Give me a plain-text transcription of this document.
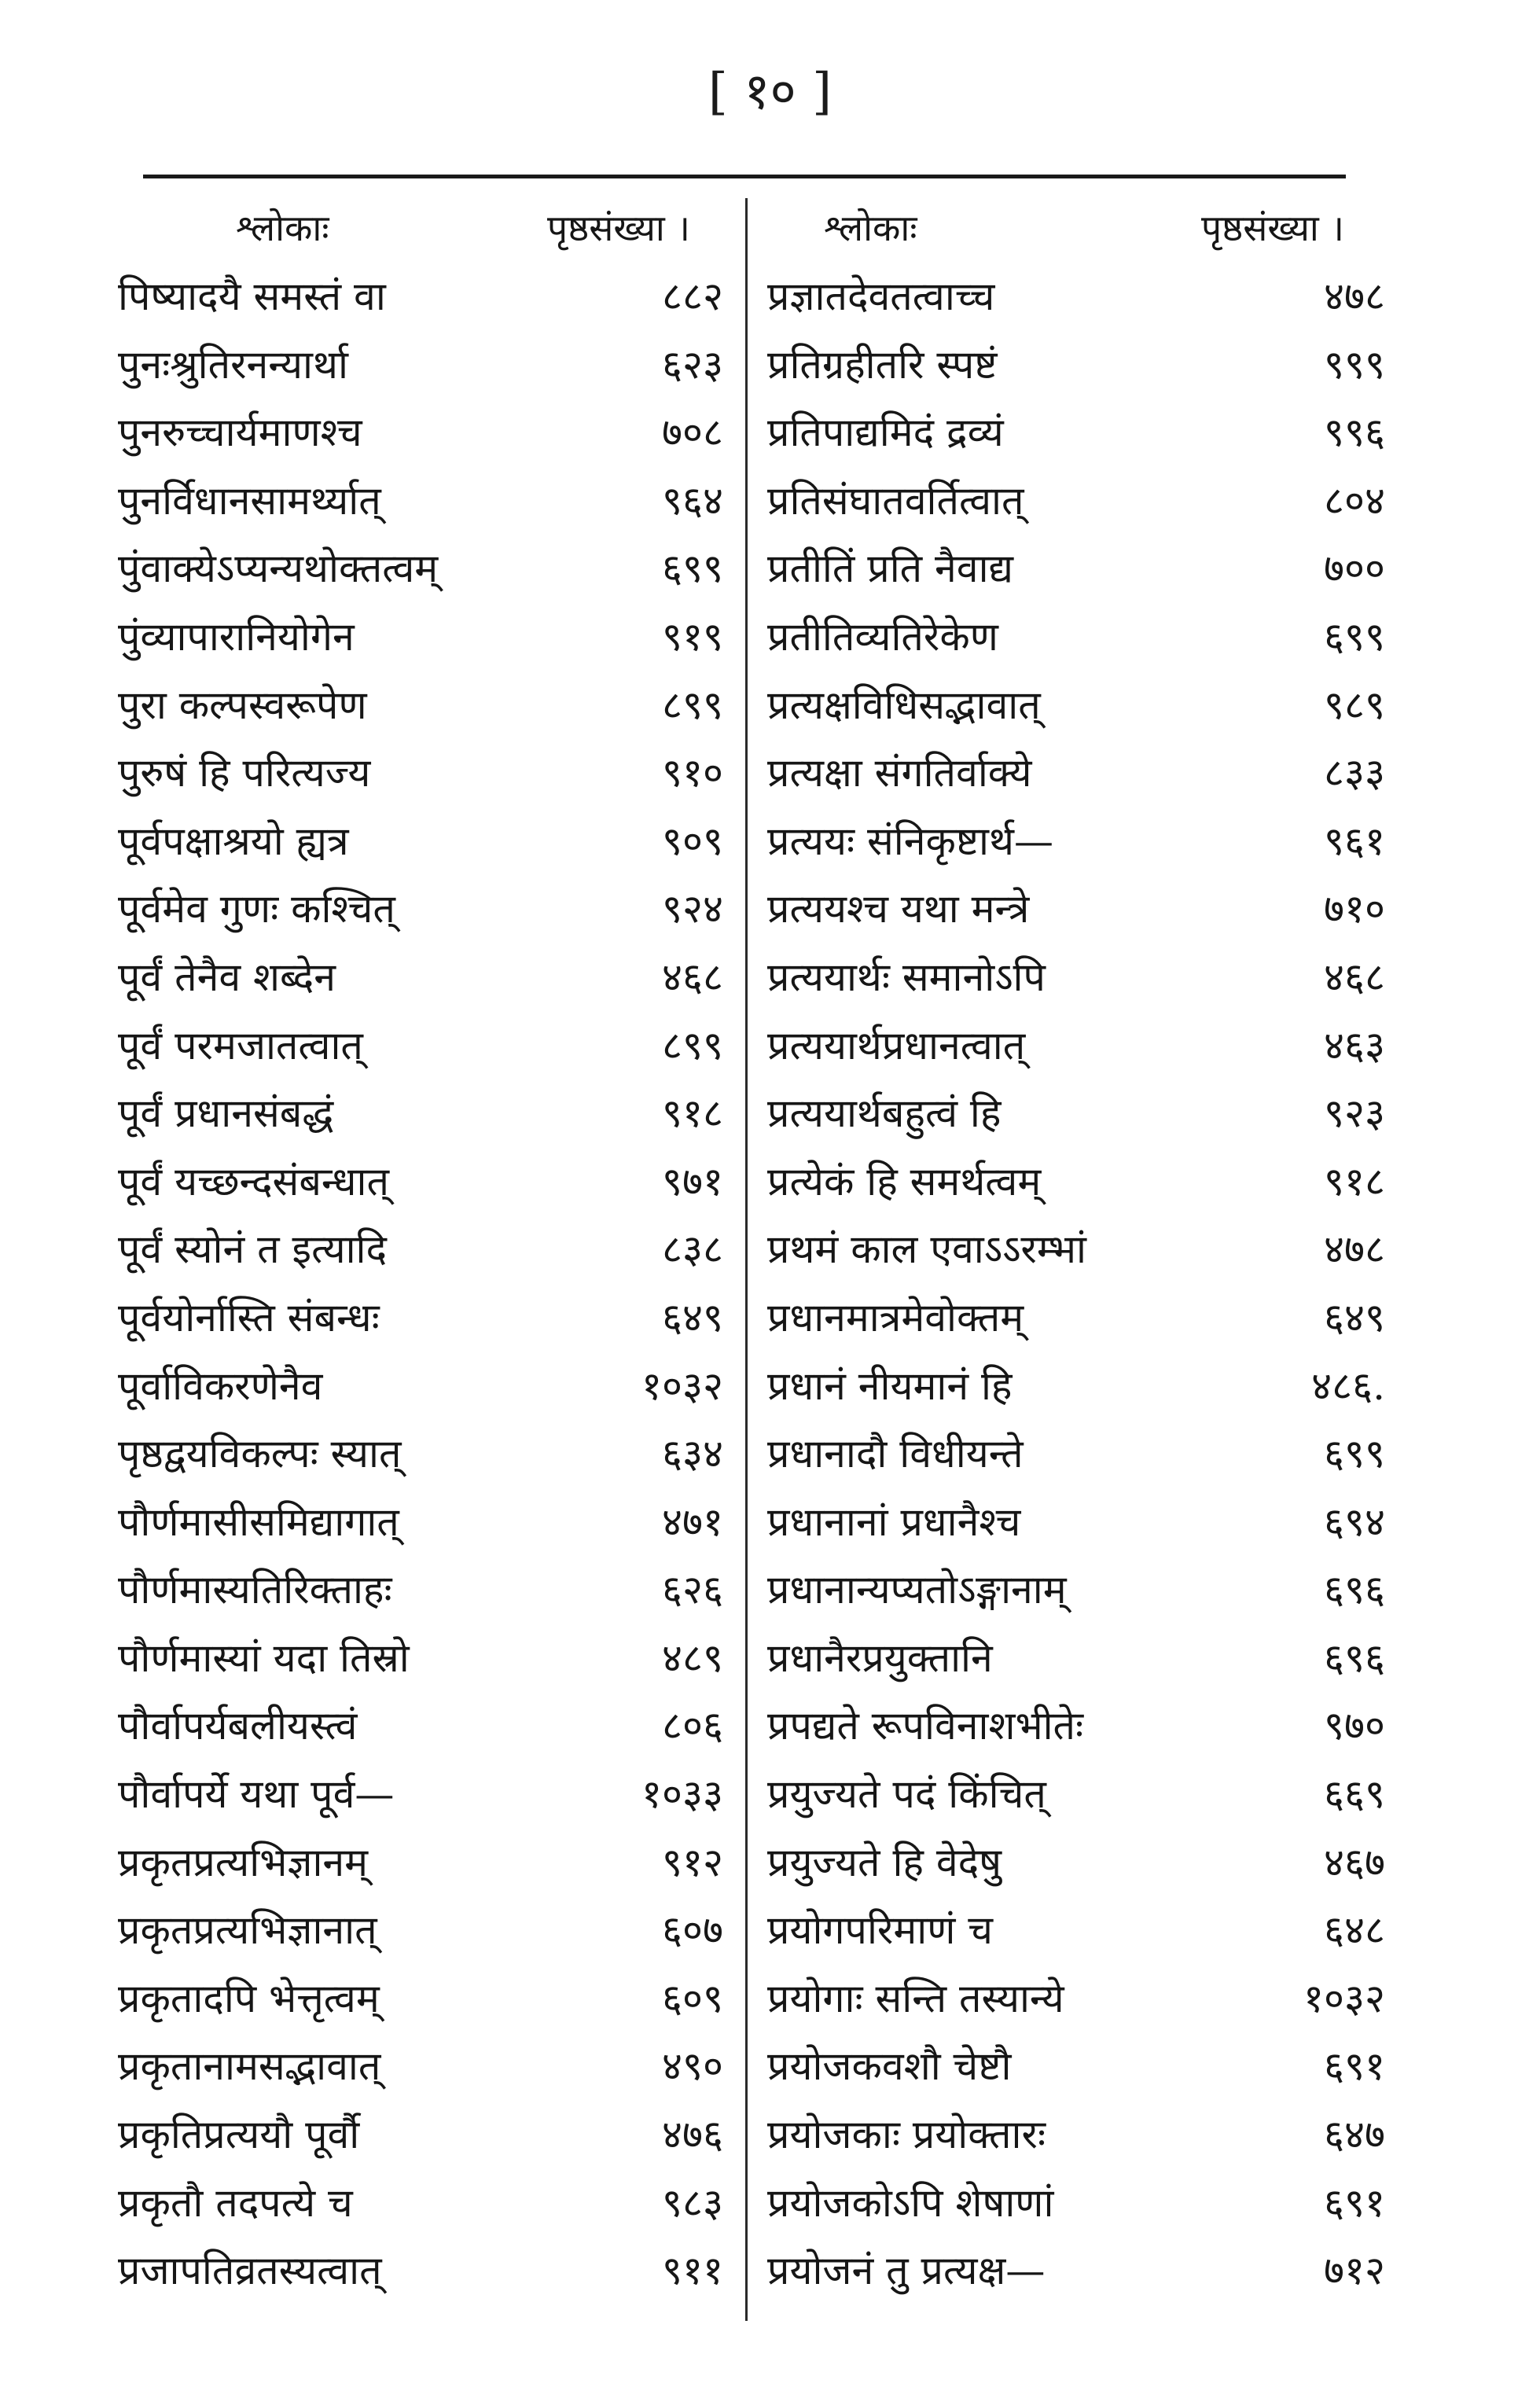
[ १० ]
श्लोकाः	पृष्ठसंख्या ।	श्लोकाः	पृष्ठसंख्या ।
पिष्यादयै समस्तं वा	८८२ प्रज्ञातदेवतत्वाच्च	४७८
पुनःश्रुतिरनन्यार्था	६२३ प्रतिग्रहीतरि स्पष्टं	९९९
पुनरुच्चार्यमाणश्च	७०८ प्रतिपाद्यमिदं द्रव्यं	९९६
पुनर्विधानसामर्थ्यात्	९६४ प्रतिसंघातवर्तित्वात्	८०४
पुंवाक्येऽप्यन्यथोक्तत्वम्	६९९ प्रतीतिं प्रति नैवाद्य	७००
पुंव्यापारानियोगेन	९१९ प्रतीतिव्यतिरेकेण	६९९
पुरा कल्पस्वरूपेण	८९९ प्रत्यक्षविधिसद्भावात्	९८९
पुरुषं हि परित्यज्य	९१० प्रत्यक्षा संगतिर्वाक्ये	८३३
पूर्वपक्षाश्रयो ह्यत्र	९०९ प्रत्ययः संनिकृष्टार्थ—	९६१
पूर्वमेव गुणः कश्चित्	९२४ प्रत्ययश्च यथा मन्त्रे	७१०
पूर्वं तेनैव शब्देन	४६८ प्रत्ययार्थः समानोऽपि	४६८
पूर्वं परमजातत्वात्	८९९ प्रत्ययार्थप्रधानत्वात्	४६३
पूर्वं प्रधानसंबद्धं	९१८ प्रत्ययार्थबहुत्वं हि	९२३
पूर्वं यच्छन्दसंबन्धात्	९७१ प्रत्येकं हि समर्थत्वम्	९१८
पूर्वं स्योनं त इत्यादि	८३८ प्रथमं काल एवाऽऽरम्भां	४७८
पूर्वयोर्नास्ति संबन्धः	६४९ प्रधानमात्रमेवोक्तम्	६४९
पूर्वाविकरणेनैव	१०३२ प्रधानं नीयमानं हि	४८६.
पृष्ठद्वयविकल्पः स्यात्	६३४ प्रधानादौ विधीयन्ते	६९९
पौर्णमासीसमिद्यागात्	४७१ प्रधानानां प्रधानैश्च	६९४
पौर्णमास्यतिरिक्ताहः	६२६ प्रधानान्यप्यतोऽङ्गानाम्	६९६
पौर्णमास्यां यदा तिस्रो	४८९ प्रधानैरप्रयुक्तानि	६९६
पौर्वापर्यबलीयस्त्वं	८०६ प्रपद्यते रूपविनाशभीतेः	९७०
पौर्वापर्ये यथा पूर्व—	१०३३ प्रयुज्यते पदं किंचित्	६६९
प्रकृतप्रत्यभिज्ञानम्	९१२ प्रयुज्यते हि वेदेषु	४६७
प्रकृतप्रत्यभिज्ञानात्	६०७ प्रयोगपरिमाणं च	६४८
प्रकृतादपि भेत्तृत्वम्	६०९ प्रयोगाः सन्ति तस्यान्ये	१०३२
प्रकृतानामसद्भावात्	४९० प्रयोजकवशौ चेष्टौ	६९१
प्रकृतिप्रत्ययौ पूर्वौ	४७६ प्रयोजकाः प्रयोक्तारः	६४७
प्रकृतौ तदपत्ये च	९८३ प्रयोजकोऽपि शेषाणां	६९१
प्रजापतिव्रतस्यत्वात्	९११ प्रयोजनं तु प्रत्यक्ष—	७१२
